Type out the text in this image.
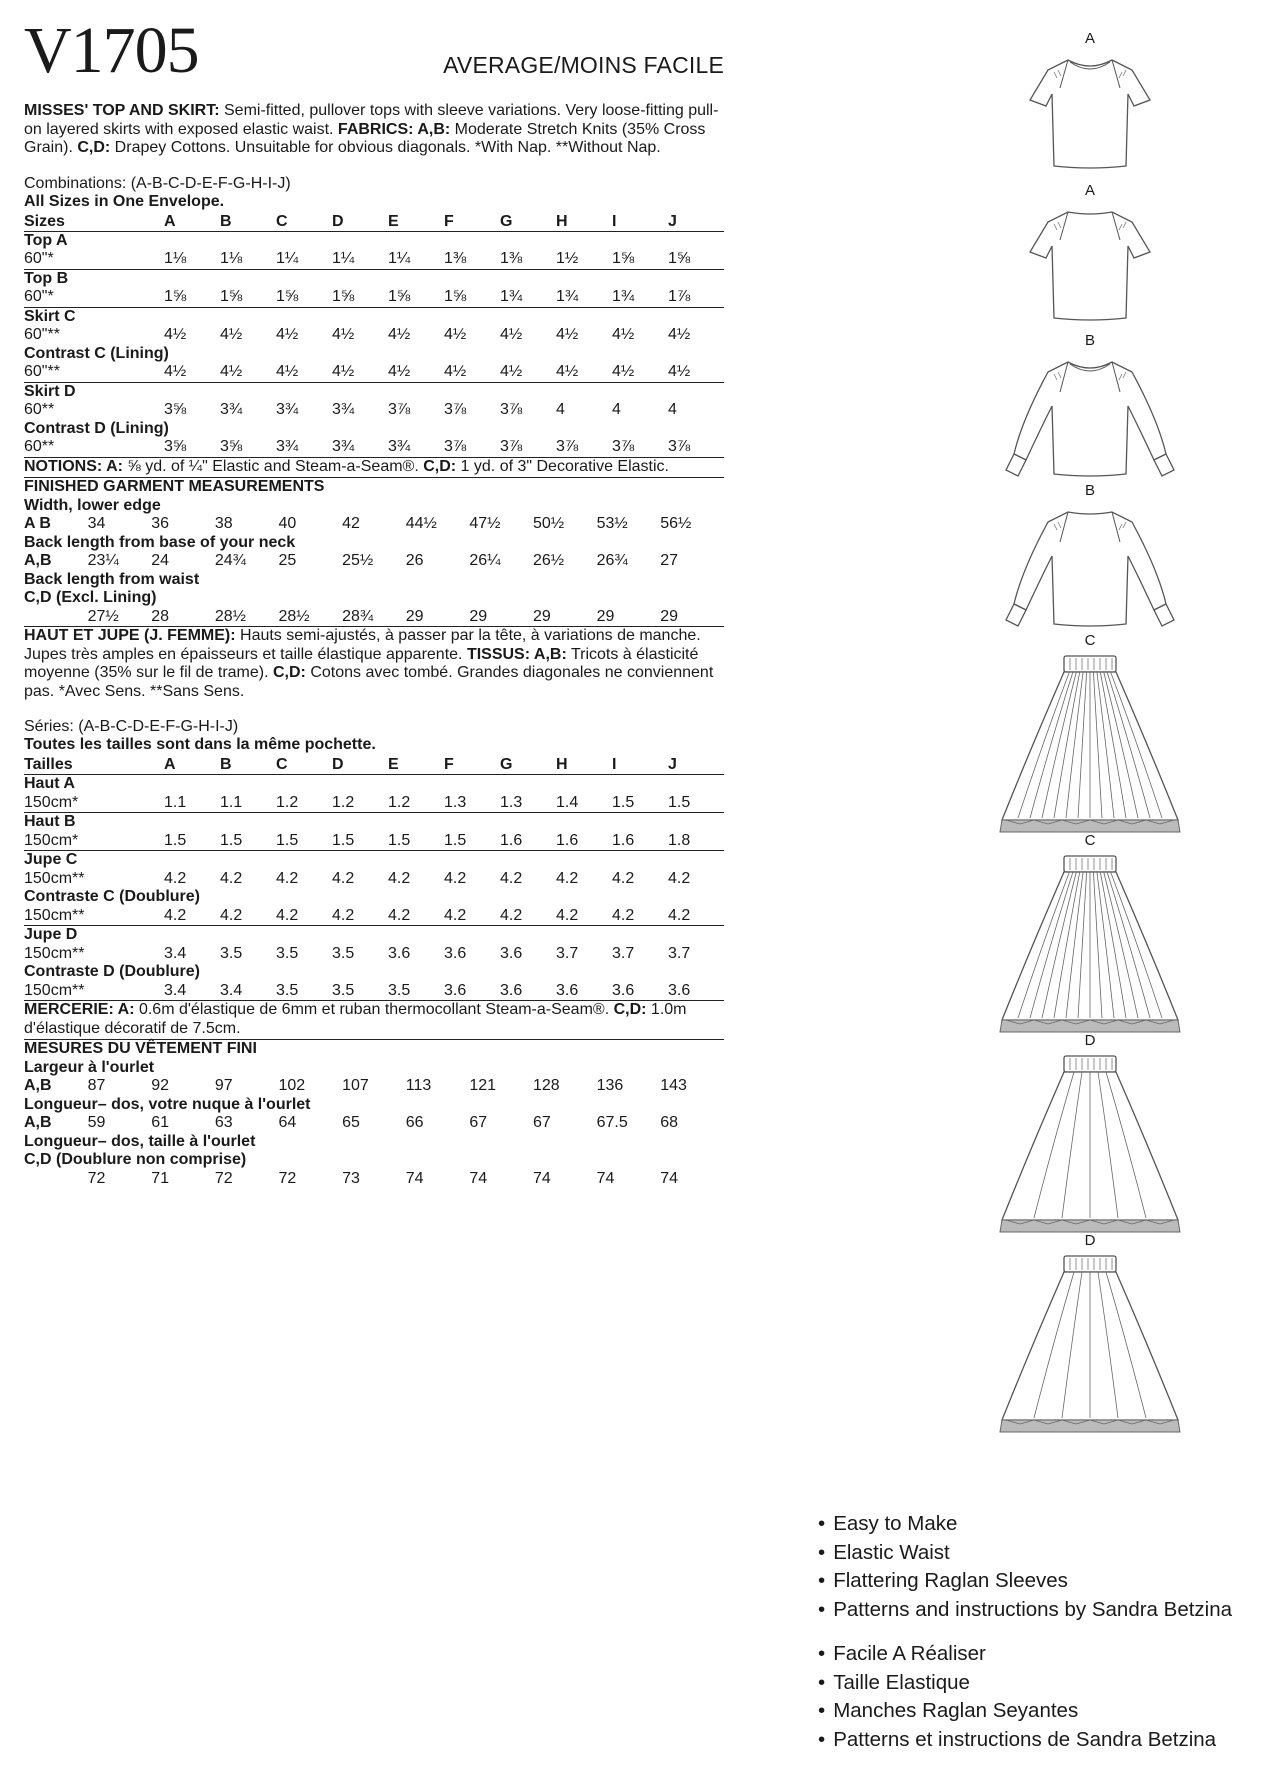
V1705	AVERAGE/MOINS FACILE
MISSES' TOP AND SKIRT: Semi-fitted, pullover tops with sleeve variations. Very loose-fitting pull-on layered skirts with exposed elastic waist. FABRICS: A,B: Moderate Stretch Knits (35% Cross Grain). C,D: Drapey Cottons. Unsuitable for obvious diagonals. *With Nap. **Without Nap.
Combinations: (A-B-C-D-E-F-G-H-I-J)
All Sizes in One Envelope.
Sizes	A	B	C	D	E	F	G	H	I	J
Top A										
60"*	1⅛	1⅛	1¼	1¼	1¼	1⅜	1⅜	1½	1⅝	1⅝
Top B										
60"*	1⅝	1⅝	1⅝	1⅝	1⅝	1⅝	1¾	1¾	1¾	1⅞
Skirt C										
60"**	4½	4½	4½	4½	4½	4½	4½	4½	4½	4½
Contrast C (Lining)										
60"**	4½	4½	4½	4½	4½	4½	4½	4½	4½	4½
Skirt D										
60**	3⅝	3¾	3¾	3¾	3⅞	3⅞	3⅞	4	4	4
Contrast D (Lining)										
60**	3⅝	3⅝	3¾	3¾	3¾	3⅞	3⅞	3⅞	3⅞	3⅞
NOTIONS: A: ⅝ yd. of ¼" Elastic and Steam-a-Seam®. C,D: 1 yd. of 3" Decorative Elastic.
FINISHED GARMENT MEASUREMENTS
Width, lower edge										
A B	34	36	38	40	42	44½	47½	50½	53½	56½
Back length from base of your neck										
A,B	23¼	24	24¾	25	25½	26	26¼	26½	26¾	27
Back length from waist										
C,D (Excl. Lining)										
	27½	28	28½	28½	28¾	29	29	29	29	29
HAUT ET JUPE (J. FEMME): Hauts semi-ajustés, à passer par la tête, à variations de manche. Jupes très amples en épaisseurs et taille élastique apparente. TISSUS: A,B: Tricots à élasticité moyenne (35% sur le fil de trame). C,D: Cotons avec tombé. Grandes diagonales ne conviennent pas. *Avec Sens. **Sans Sens.
Séries: (A-B-C-D-E-F-G-H-I-J)
Toutes les tailles sont dans la même pochette.
Tailles	A	B	C	D	E	F	G	H	I	J
Haut A										
150cm*	1.1	1.1	1.2	1.2	1.2	1.3	1.3	1.4	1.5	1.5
Haut B										
150cm*	1.5	1.5	1.5	1.5	1.5	1.5	1.6	1.6	1.6	1.8
Jupe C										
150cm**	4.2	4.2	4.2	4.2	4.2	4.2	4.2	4.2	4.2	4.2
Contraste C (Doublure)										
150cm**	4.2	4.2	4.2	4.2	4.2	4.2	4.2	4.2	4.2	4.2
Jupe D										
150cm**	3.4	3.5	3.5	3.5	3.6	3.6	3.6	3.7	3.7	3.7
Contraste D (Doublure)										
150cm**	3.4	3.4	3.5	3.5	3.5	3.6	3.6	3.6	3.6	3.6
MERCERIE: A: 0.6m d'élastique de 6mm et ruban thermocollant Steam-a-Seam®. C,D: 1.0m d'élastique décoratif de 7.5cm.
MESURES DU VÊTEMENT FINI
Largeur à l'ourlet										
A,B	87	92	97	102	107	113	121	128	136	143
Longueur– dos, votre nuque à l'ourlet										
A,B	59	61	63	64	65	66	67	67	67.5	68
Longueur– dos, taille à l'ourlet										
C,D (Doublure non comprise)										
	72	71	72	72	73	74	74	74	74	74
A
A
B
B
C
C
D
D
• Easy to Make
• Elastic Waist
• Flattering Raglan Sleeves
• Patterns and instructions by Sandra Betzina
• Facile A Réaliser
• Taille Elastique
• Manches Raglan Seyantes
• Patterns et instructions de Sandra Betzina
